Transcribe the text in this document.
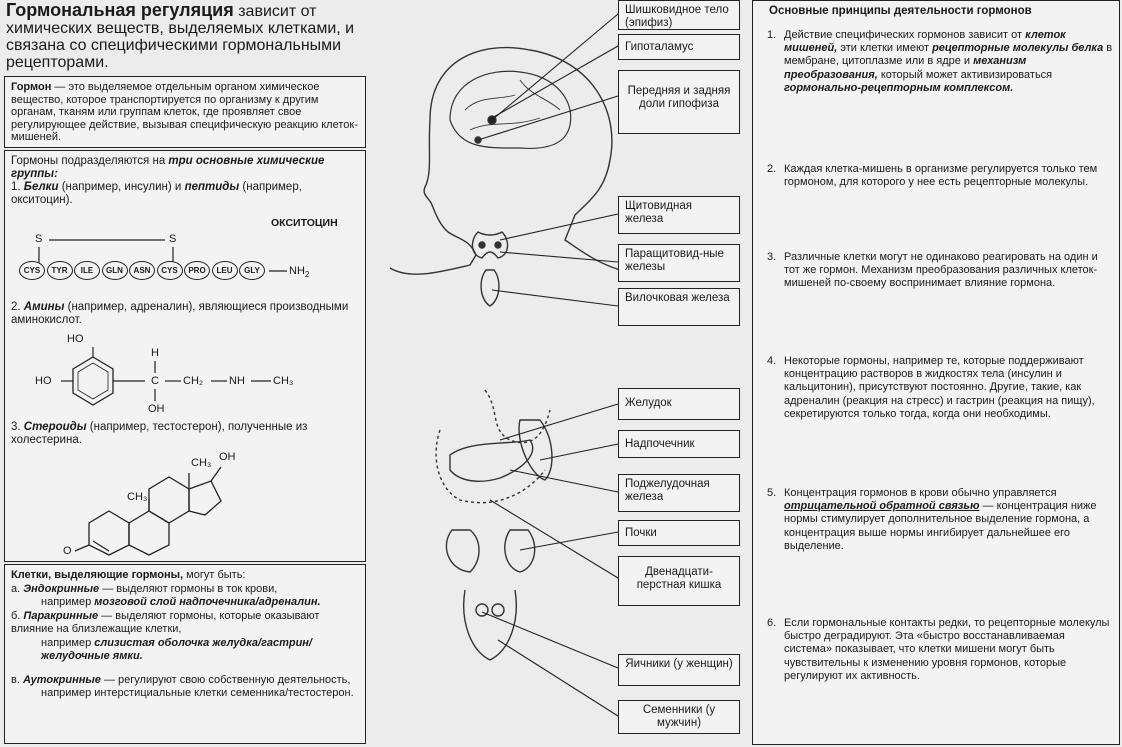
Гормональная регуляция зависит от химических веществ, выделяемых клетками, и связана со специфическими гормональными рецепторами.
Гормон — это выделяемое отдельным органом химическое вещество, которое транспортируется по организму к другим органам, тканям или группам клеток, где проявляет свое регулирующее действие, вызывая специфическую реакцию клеток-мишеней.
Гормоны подразделяются на три основные химические группы:
1. Белки (например, инсулин) и пептиды (например, окситоцин).
ОКСИТОЦИН
S	S
CYS	TYR	ILE	GLN	ASN	CYS	PRO	LEU	GLY	$NH_2$
2. Амины (например, адреналин), являющиеся производными аминокислот.
HO
HO
H
C CH₂ NH	CH₃
OH
3. Стероиды (например, тестостерон), полученные из холестерина.
CH₃ OH
CH₃
O
Клетки, выделяющие гормоны, могут быть:
а. Эндокринные — выделяют гормоны в ток крови,
например мозговой слой надпочечника/адреналин.
б. Паракринные — выделяют гормоны, которые оказывают влияние на близлежащие клетки,
например слизистая оболочка желудка/гастрин/желудочные ямки.
в. Аутокринные — регулируют свою собственную деятельность,
например интерстициальные клетки семенника/тестостерон.
Шишковидное тело (эпифиз)
Гипоталамус
Передняя и задняя доли гипофиза
Щитовидная железа
Паращитовид-ные железы
Вилочковая железа
Желудок
Надпочечник
Поджелудочная железа
Почки
Двенадцати-перстная кишка
Яичники (у женщин)
Семенники (у мужчин)
Основные принципы деятельности гормонов
1. Действие специфических гормонов зависит от клеток мишеней, эти клетки имеют рецепторные молекулы белка в мембране, цитоплазме или в ядре и механизм преобразования, который может активизироваться гормонально-рецепторным комплексом.
2. Каждая клетка-мишень в организме регулируется только тем гормоном, для которого у нее есть рецепторные молекулы.
3. Различные клетки могут не одинаково реагировать на один и тот же гормон. Механизм преобразования различных клеток-мишеней по-своему воспринимает влияние гормона.
4. Некоторые гормоны, например те, которые поддерживают концентрацию растворов в жидкостях тела (инсулин и кальцитонин), присутствуют постоянно. Другие, такие, как адреналин (реакция на стресс) и гастрин (реакция на пищу), секретируются только тогда, когда они необходимы.
5. Концентрация гормонов в крови обычно управляется отрицательной обратной связью — концентрация ниже нормы стимулирует дополнительное выделение гормона, а концентрация выше нормы ингибирует дальнейшее его выделение.
6. Если гормональные контакты редки, то рецепторные молекулы быстро деградируют. Эта «быстро восстанавливаемая система» показывает, что клетки мишени могут быть чувствительны к изменению уровня гормонов, которые регулируют их активность.
